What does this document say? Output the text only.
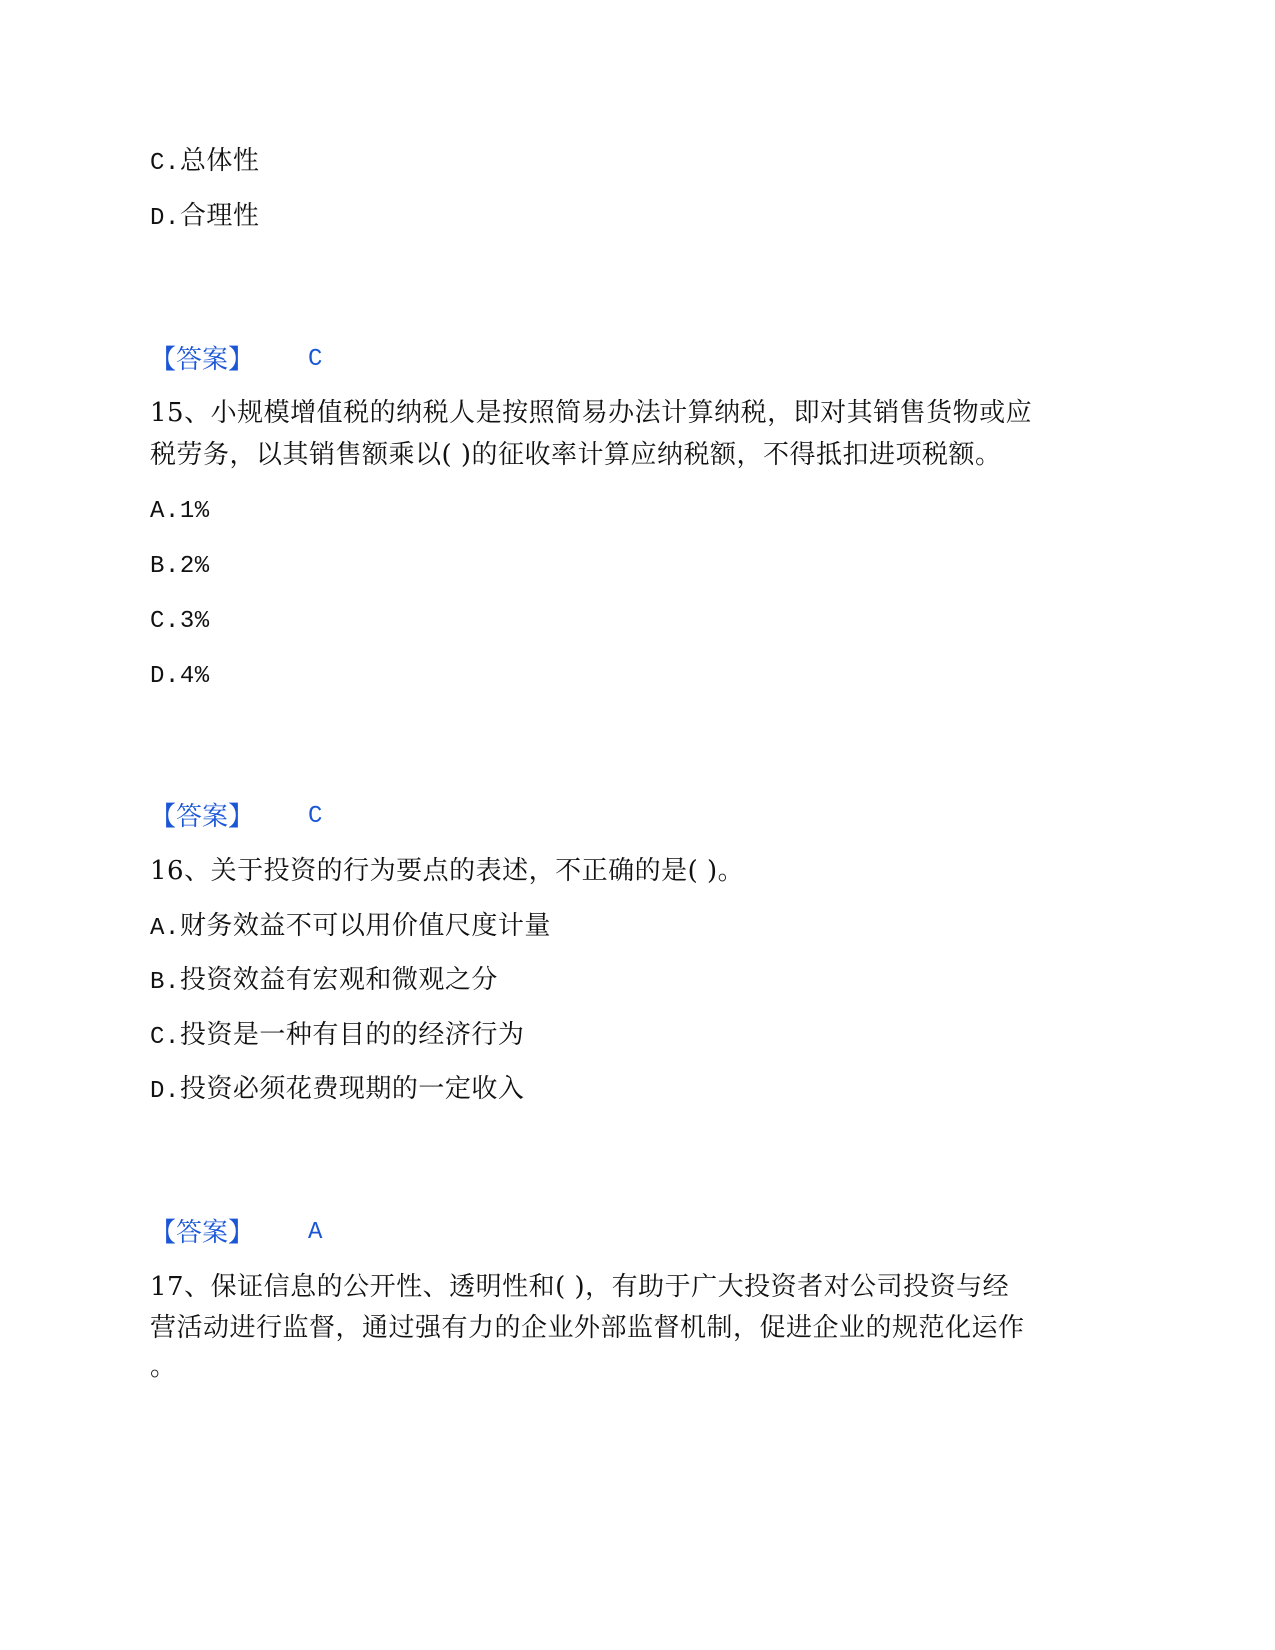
C.总体性
D.合理性
【答案】 C
15、小规模增值税的纳税人是按照简易办法计算纳税，即对其销售货物或应
税劳务，以其销售额乘以( )的征收率计算应纳税额，不得抵扣进项税额。
A.1%
B.2%
C.3%
D.4%
【答案】 C
16、关于投资的行为要点的表述，不正确的是( )。
A.财务效益不可以用价值尺度计量
B.投资效益有宏观和微观之分
C.投资是一种有目的的经济行为
D.投资必须花费现期的一定收入
【答案】 A
17、保证信息的公开性、透明性和( )，有助于广大投资者对公司投资与经
营活动进行监督，通过强有力的企业外部监督机制，促进企业的规范化运作
。
